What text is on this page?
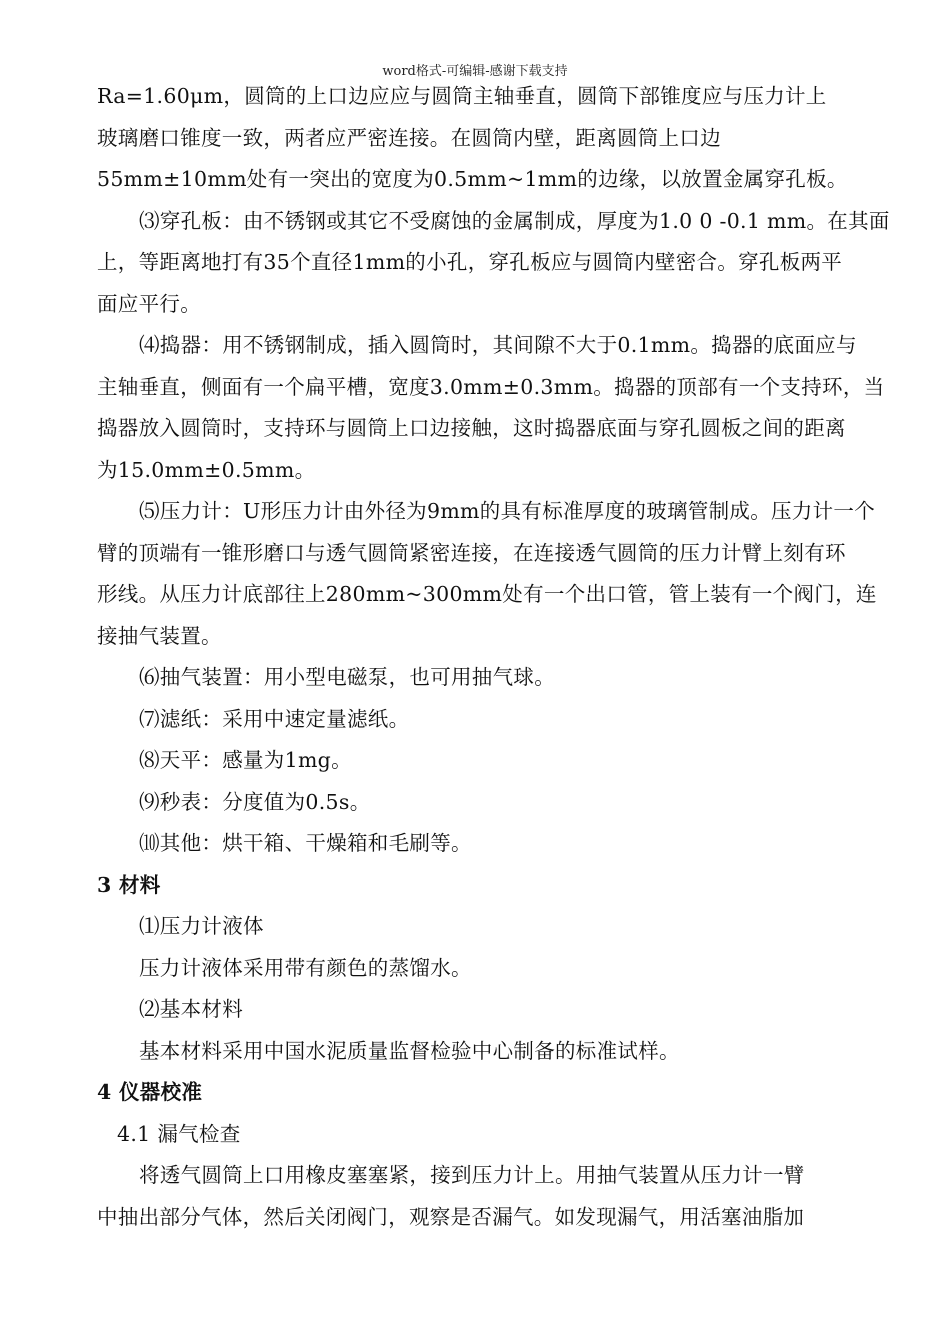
word格式-可编辑-感谢下载支持
Ra=1.60μm，圆筒的上口边应应与圆筒主轴垂直，圆筒下部锥度应与压力计上
玻璃磨口锥度一致，两者应严密连接。在圆筒内壁，距离圆筒上口边
55mm±10mm处有一突出的宽度为0.5mm~1mm的边缘，以放置金属穿孔板。
⑶穿孔板：由不锈钢或其它不受腐蚀的金属制成，厚度为1.0 0 -0.1 mm。在其面
上，等距离地打有35个直径1mm的小孔，穿孔板应与圆筒内壁密合。穿孔板两平
面应平行。
⑷捣器：用不锈钢制成，插入圆筒时，其间隙不大于0.1mm。捣器的底面应与
主轴垂直，侧面有一个扁平槽，宽度3.0mm±0.3mm。捣器的顶部有一个支持环，当
捣器放入圆筒时，支持环与圆筒上口边接触，这时捣器底面与穿孔圆板之间的距离
为15.0mm±0.5mm。
⑸压力计：U形压力计由外径为9mm的具有标准厚度的玻璃管制成。压力计一个
臂的顶端有一锥形磨口与透气圆筒紧密连接，在连接透气圆筒的压力计臂上刻有环
形线。从压力计底部往上280mm~300mm处有一个出口管，管上装有一个阀门，连
接抽气装置。
⑹抽气装置：用小型电磁泵，也可用抽气球。
⑺滤纸：采用中速定量滤纸。
⑻天平：感量为1mg。
⑼秒表：分度值为0.5s。
⑽其他：烘干箱、干燥箱和毛刷等。
3 材料
⑴压力计液体
压力计液体采用带有颜色的蒸馏水。
⑵基本材料
基本材料采用中国水泥质量监督检验中心制备的标准试样。
4 仪器校准
4.1 漏气检查
将透气圆筒上口用橡皮塞塞紧，接到压力计上。用抽气装置从压力计一臂
中抽出部分气体，然后关闭阀门，观察是否漏气。如发现漏气，用活塞油脂加
